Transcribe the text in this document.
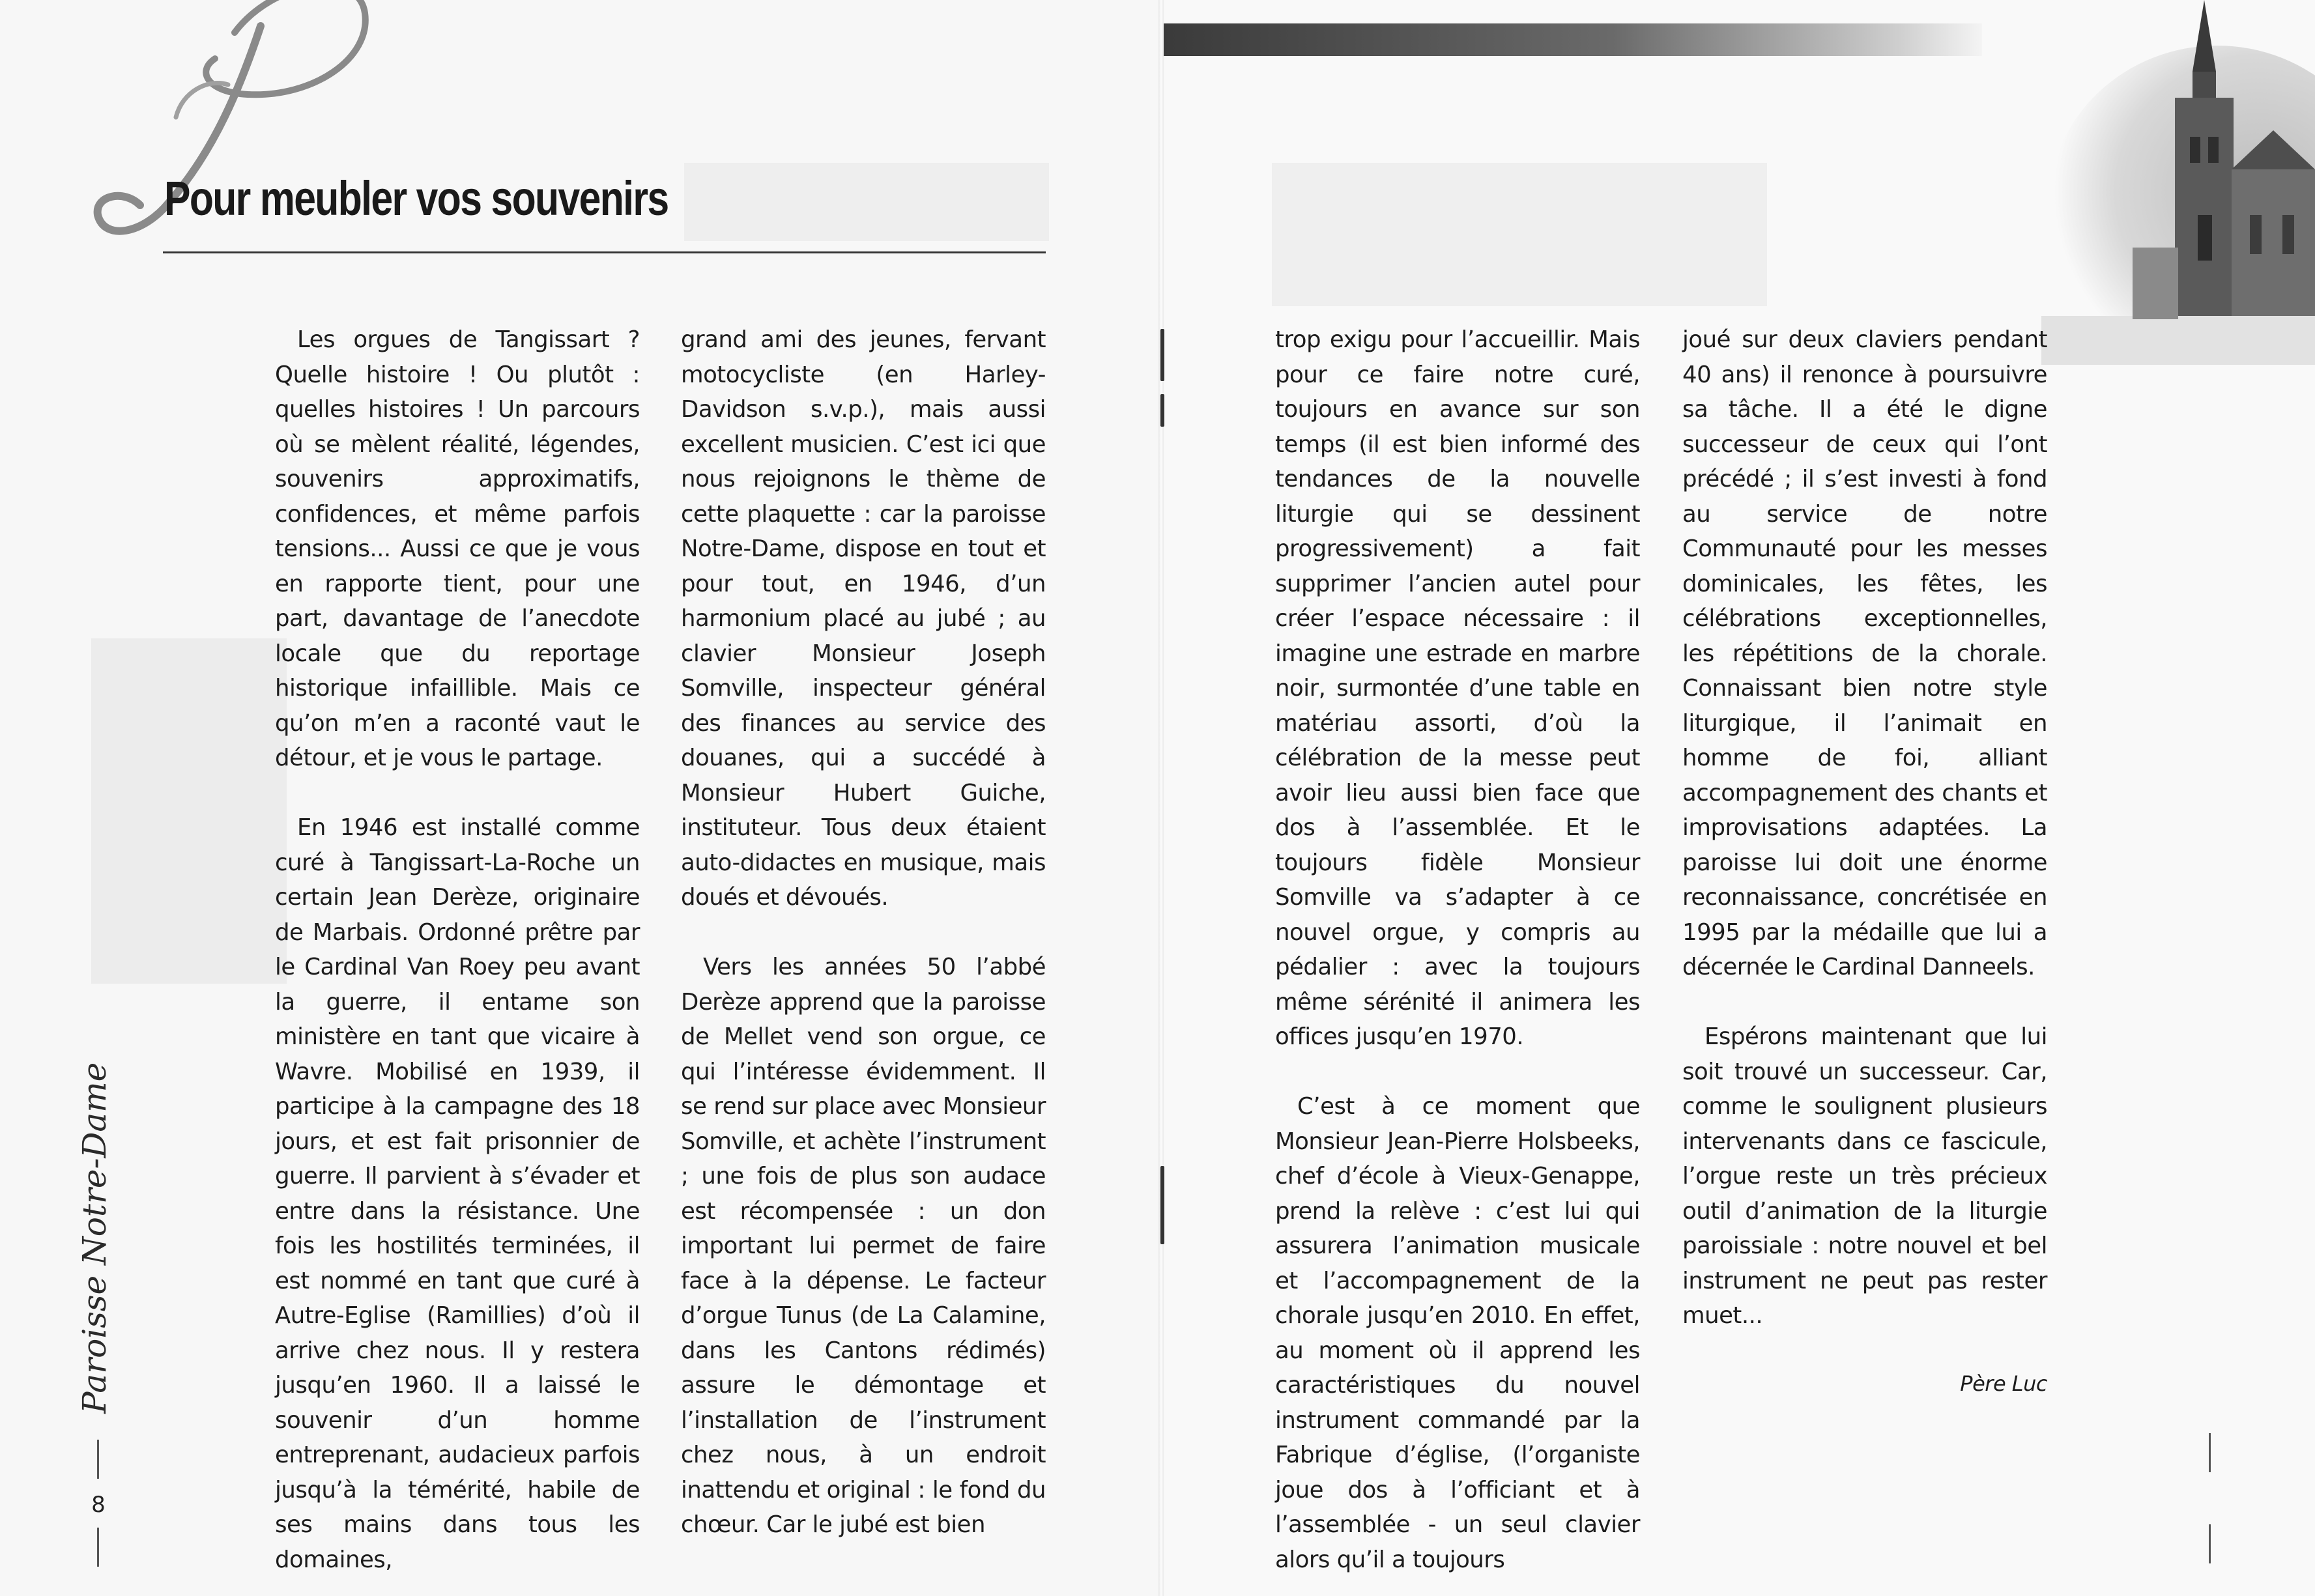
Pour meubler vos souvenirs

Les orgues de Tangissart ? Quelle histoire ! Ou plutôt : quelles histoires ! Un parcours où se mèlent réalité, légendes, souvenirs approximatifs, confidences, et même parfois tensions... Aussi ce que je vous en rapporte tient, pour une part, davantage de l’anecdote locale que du reportage historique infaillible. Mais ce qu’on m’en a raconté vaut le détour, et je vous le partage.

En 1946 est installé comme curé à Tangissart-La-Roche un certain Jean Derèze, originaire de Marbais. Ordonné prêtre par le Cardinal Van Roey peu avant la guerre, il entame son ministère en tant que vicaire à Wavre. Mobilisé en 1939, il participe à la campagne des 18 jours, et est fait prisonnier de guerre. Il parvient à s’évader et entre dans la résistance. Une fois les hostilités terminées, il est nommé en tant que curé à Autre-Eglise (Ramillies) d’où il arrive chez nous. Il y restera jusqu’en 1960. Il a laissé le souvenir d’un homme entreprenant, audacieux parfois jusqu’à la témérité, habile de ses mains dans tous les domaines,

grand ami des jeunes, fervant motocycliste (en Harley-Davidson s.v.p.), mais aussi excellent musicien. C’est ici que nous rejoignons le thème de cette plaquette : car la paroisse Notre-Dame, dispose en tout et pour tout, en 1946, d’un harmonium placé au jubé ; au clavier Monsieur Joseph Somville, inspecteur général des finances au service des douanes, qui a succédé à Monsieur Hubert Guiche, instituteur. Tous deux étaient auto-didactes en musique, mais doués et dévoués.

Vers les années 50 l’abbé Derèze apprend que la paroisse de Mellet vend son orgue, ce qui l’intéresse évidemment. Il se rend sur place avec Monsieur Somville, et achète l’instrument ; une fois de plus son audace est récompensée : un don important lui permet de faire face à la dépense. Le facteur d’orgue Tunus (de La Calamine, dans les Cantons rédimés) assure le démontage et l’installation de l’instrument chez nous, à un endroit inattendu et original : le fond du chœur. Car le jubé est bien

Paroisse Notre-Dame
8

trop exigu pour l’accueillir. Mais pour ce faire notre curé, toujours en avance sur son temps (il est bien informé des tendances de la nouvelle liturgie qui se dessinent progressivement) a fait supprimer l’ancien autel pour créer l’espace nécessaire : il imagine une estrade en marbre noir, surmontée d’une table en matériau assorti, d’où la célébration de la messe peut avoir lieu aussi bien face que dos à l’assemblée. Et le toujours fidèle Monsieur Somville va s’adapter à ce nouvel orgue, y compris au pédalier : avec la toujours même sérénité il animera les offices jusqu’en 1970.

C’est à ce moment que Monsieur Jean-Pierre Holsbeeks, chef d’école à Vieux-Genappe, prend la relève : c’est lui qui assurera l’animation musicale et l’accompagnement de la chorale jusqu’en 2010. En effet, au moment où il apprend les caractéristiques du nouvel instrument commandé par la Fabrique d’église, (l’organiste joue dos à l’officiant et à l’assemblée - un seul clavier alors qu’il a toujours

joué sur deux claviers pendant 40 ans) il renonce à poursuivre sa tâche. Il a été le digne successeur de ceux qui l’ont précédé ; il s’est investi à fond au service de notre Communauté pour les messes dominicales, les fêtes, les célébrations exceptionnelles, les répétitions de la chorale. Connaissant bien notre style liturgique, il l’animait en homme de foi, alliant accompagnement des chants et improvisations adaptées. La paroisse lui doit une énorme reconnaissance, concrétisée en 1995 par la médaille que lui a décernée le Cardinal Danneels.

Espérons maintenant que lui soit trouvé un successeur. Car, comme le soulignent plusieurs intervenants dans ce fascicule, l’orgue reste un très précieux outil d’animation de la liturgie paroissiale : notre nouvel et bel instrument ne peut pas rester muet...

Père Luc
